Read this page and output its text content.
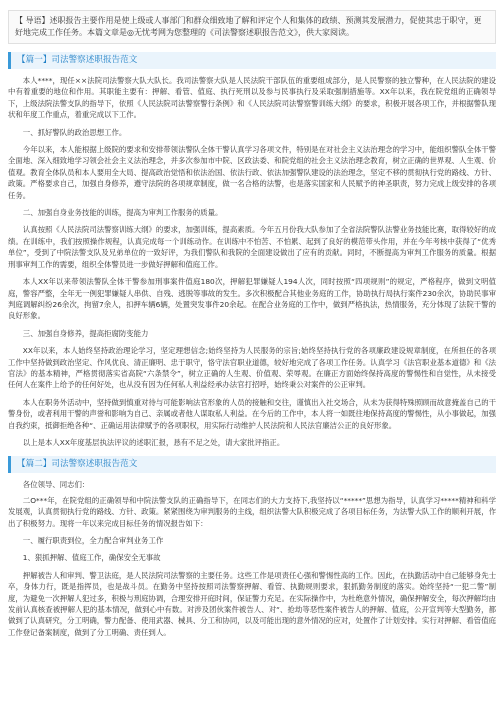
【 导语】述职报告主要作用是使上级或人事部门和群众细致地了解和评定个人和集体的政绩、预测其发展潜力，促使其忠于职守，更好地完成工作任务。本篇文章是◎无忧考网为您整理的《司法警察述职报告范文》，供大家阅读。
【篇一】司法警察述职报告范文

本人****，现任××法院司法警察大队大队长。我司法警察大队是人民法院干部队伍的重要组成部分，是人民警察的独立警种，在人民法院的建设中有着重要的地位和作用。其职能主要有：押解、看管、值庭、执行死刑以及参与民事执行及采取强制措施等。XX年以来，我在院党组的正确领导下，上级法院法警支队的指导下，依照《人民法院司法警察警行条例》和《人民法院司法警察警训练大纲》的要求，积极开展各项工作，并根据警队现状和年度工作重点，着重完成以下工作。

一、抓好警队的政治思想工作。

今年以来，本人能根据上级院的要求和安排带领法警队全体干警认真学习各项文件，特别是在对社会主义法治理念的学习中，能组织警队全体干警全面地、深入细致地学习领会社会主义法治理念，并多次参加市中院、区政法委、和院党组的社会主义法治理念教育，树立正确的世界观、人生观、价值观。教育全体队员和本人要用全大局、提高政治觉悟和依法治国、依法行政、依法加强警队建设的法治理念，坚定不移的贯彻执行党的路线、方针、政策。严格要求自己，加强自身修养，遵守法院的各项规章制度，做一名合格的法警，也是落实国家和人民赋予的神圣职责，努力完成上级安排的各项任务。

二、加强自身业务技能的训练，提高为审判工作服务的质量。

认真按照《人民法院司法警察训练大纲》的要求，加强训练，提高素质。今年五月份我大队参加了全省法院警队法警业务技能比赛，取得较好的成绩。在训练中，我们按照操作规程，认真完成每一个训练动作。在训练中不怕苦、不怕累、起到了良好的模范带头作用，并在今年考核中获得了“优秀单位”，受到了中院法警支队及兄弟单位的一致好评，为我们警队和我院的全面建设做出了应有的贡献。同时，不断提高为审判工作服务的质量。根据刑事审判工作的需要，组织全体警员进一步做好押解和值庭工作。

本人XX年以来带领法警队全体干警参加刑事案件值庭180次，押解犯罪嫌疑人194人次，同时按照“四项规则”的规定，严格程序，做到文明值庭，警容严整，全年无一例犯罪嫌疑人串供、自残、逃脱等事故的发生。多次积极配合其他业务庭的工作，协助执行局执行案件230余次，协助民事审判庭调解纠纷26余次，拘留7余人，扣押车辆6辆，处置突发事件20余起。在配合业务庭的工作中，做到严格执法，热情服务，充分体现了法院干警的良好形象。

三、加强自身修养，提高拒腐防变能力

XX年以来，本人始终坚持政治理论学习，坚定理想信念;始终坚持为人民服务的宗旨;始终坚持执行党的各项廉政建设规章制度，在所担任的各项工作中坚持做到政治坚定、作风优良、清正廉明、忠于职守，恪守法官职业道德，较好地完成了各项工作任务。认真学习《法官职业基本道德》和《法官法》的基本精神，严格贯彻落实省高院“六条禁令”，树立正确的人生观、价值观、荣辱观。在廉正方面始终保持高度的警惕性和自觉性，从未接受任何人在案件上给予的任何好处，也从没有因为任何私人利益经承办法官打招呼，始终秉公对案件的公正审判。

本人在职务外活动中，坚持做到慎重对待与可能影响法官形象的人员的接触和交往，谨慎出入社交场合，从未为获得特殊照顾而故意掩盖自己的干警身份，或者利用干警的声誉和影响为自己、亲属或者他人谋取私人利益。在今后的工作中，本人将一如既往地保持高度的警惕性，从小事做起，加强自我约束，抵御拒绝各种“、正确运用法律赋予的各项职权，用实际行动维护人民法院和人民法官廉洁公正的良好形象。

以上是本人XX年度基层执法评议的述职汇报，恳有不足之处，请大家批评指正。

【篇二】司法警察述职报告范文

各位领导、同志们：

二O***年，在院党组的正确领导和中院法警支队的正确指导下，在同志们的大力支持下,我坚持以“*****”思想为指导，认真学习*****精神和科学发展观，认真贯彻执行党的路线、方针、政策。紧紧围绕为审判服务的主线，组织法警大队积极完成了各项目标任务，为法警大队工作的顺利开展，作出了积极努力。现将一年以来完成目标任务的情况报告如下：

一、履行职责到位，全力配合审判业务工作

1、狠抓押解、值庭工作，确保安全无事故

押解被告人和审判、警卫法庭，是人民法院司法警察的主要任务。这些工作是项责任心强和警惕性高的工作。因此，在执勤活动中自己能够身先士卒，身体力行，既是指挥员，也是战斗员。在勤务中坚持按照司法警察押解、看管、执勤规则要求，狠抓勤务制度的落实。始终坚持“一犯二警”制度，为避免一次押解人犯过多，积极与刑庭协调，合理安排开庭时间，保证警力充足。在实际操作中，为杜绝意外情况，确保押解安全，每次押解均由发前认真核查被押解人犯的基本情况，做到心中有数。对涉及团伙案件被告人、对“、抢劫等恶性案件被告人的押解、值庭，公开宣判等大型勤务，都做到了认真研究，分工明确，警力配备、使用武器、械具、分工和协同，以及可能出现的意外情况的应对，处置作了计划安排。实行对押解、看管值庭工作登记备案制度，做到了分工明确、责任到人。
